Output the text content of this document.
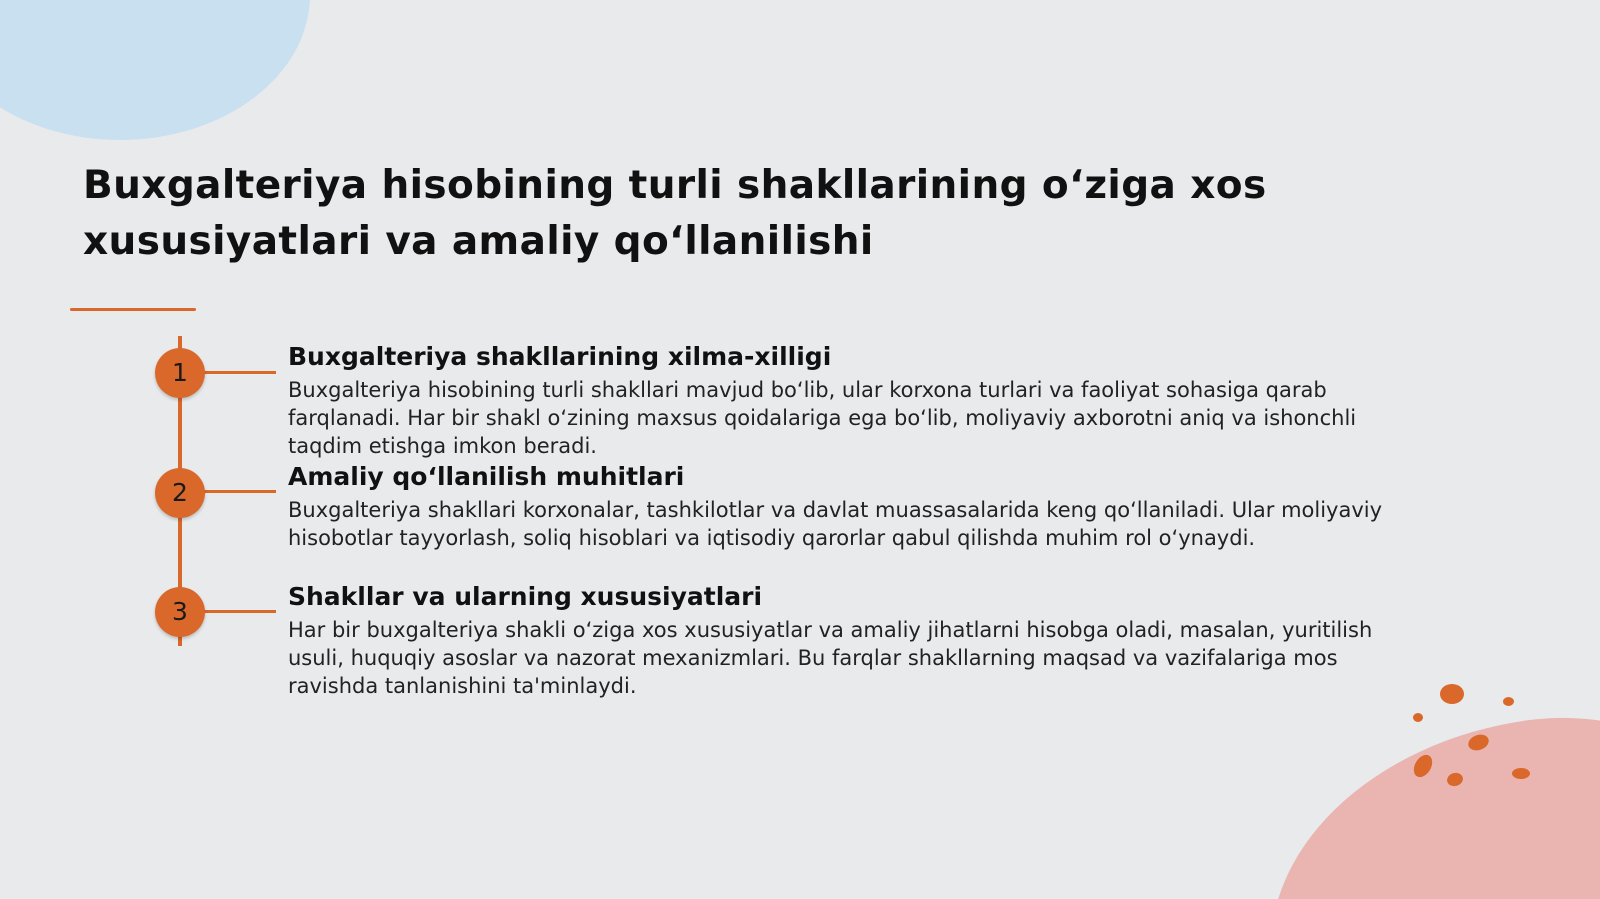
Buxgalteriya hisobining turli shakllarining o‘ziga xos xususiyatlari va amaliy qo‘llanilishi
1
Buxgalteriya shakllarining xilma-xilligi

Buxgalteriya hisobining turli shakllari mavjud bo‘lib, ular korxona turlari va faoliyat sohasiga qarab farqlanadi. Har bir shakl o‘zining maxsus qoidalariga ega bo‘lib, moliyaviy axborotni aniq va ishonchli taqdim etishga imkon beradi.

2
Amaliy qo‘llanilish muhitlari

Buxgalteriya shakllari korxonalar, tashkilotlar va davlat muassasalarida keng qo‘llaniladi. Ular moliyaviy hisobotlar tayyorlash, soliq hisoblari va iqtisodiy qarorlar qabul qilishda muhim rol o‘ynaydi.

3
Shakllar va ularning xususiyatlari

Har bir buxgalteriya shakli o‘ziga xos xususiyatlar va amaliy jihatlarni hisobga oladi, masalan, yuritilish usuli, huquqiy asoslar va nazorat mexanizmlari. Bu farqlar shakllarning maqsad va vazifalariga mos ravishda tanlanishini ta'minlaydi.
